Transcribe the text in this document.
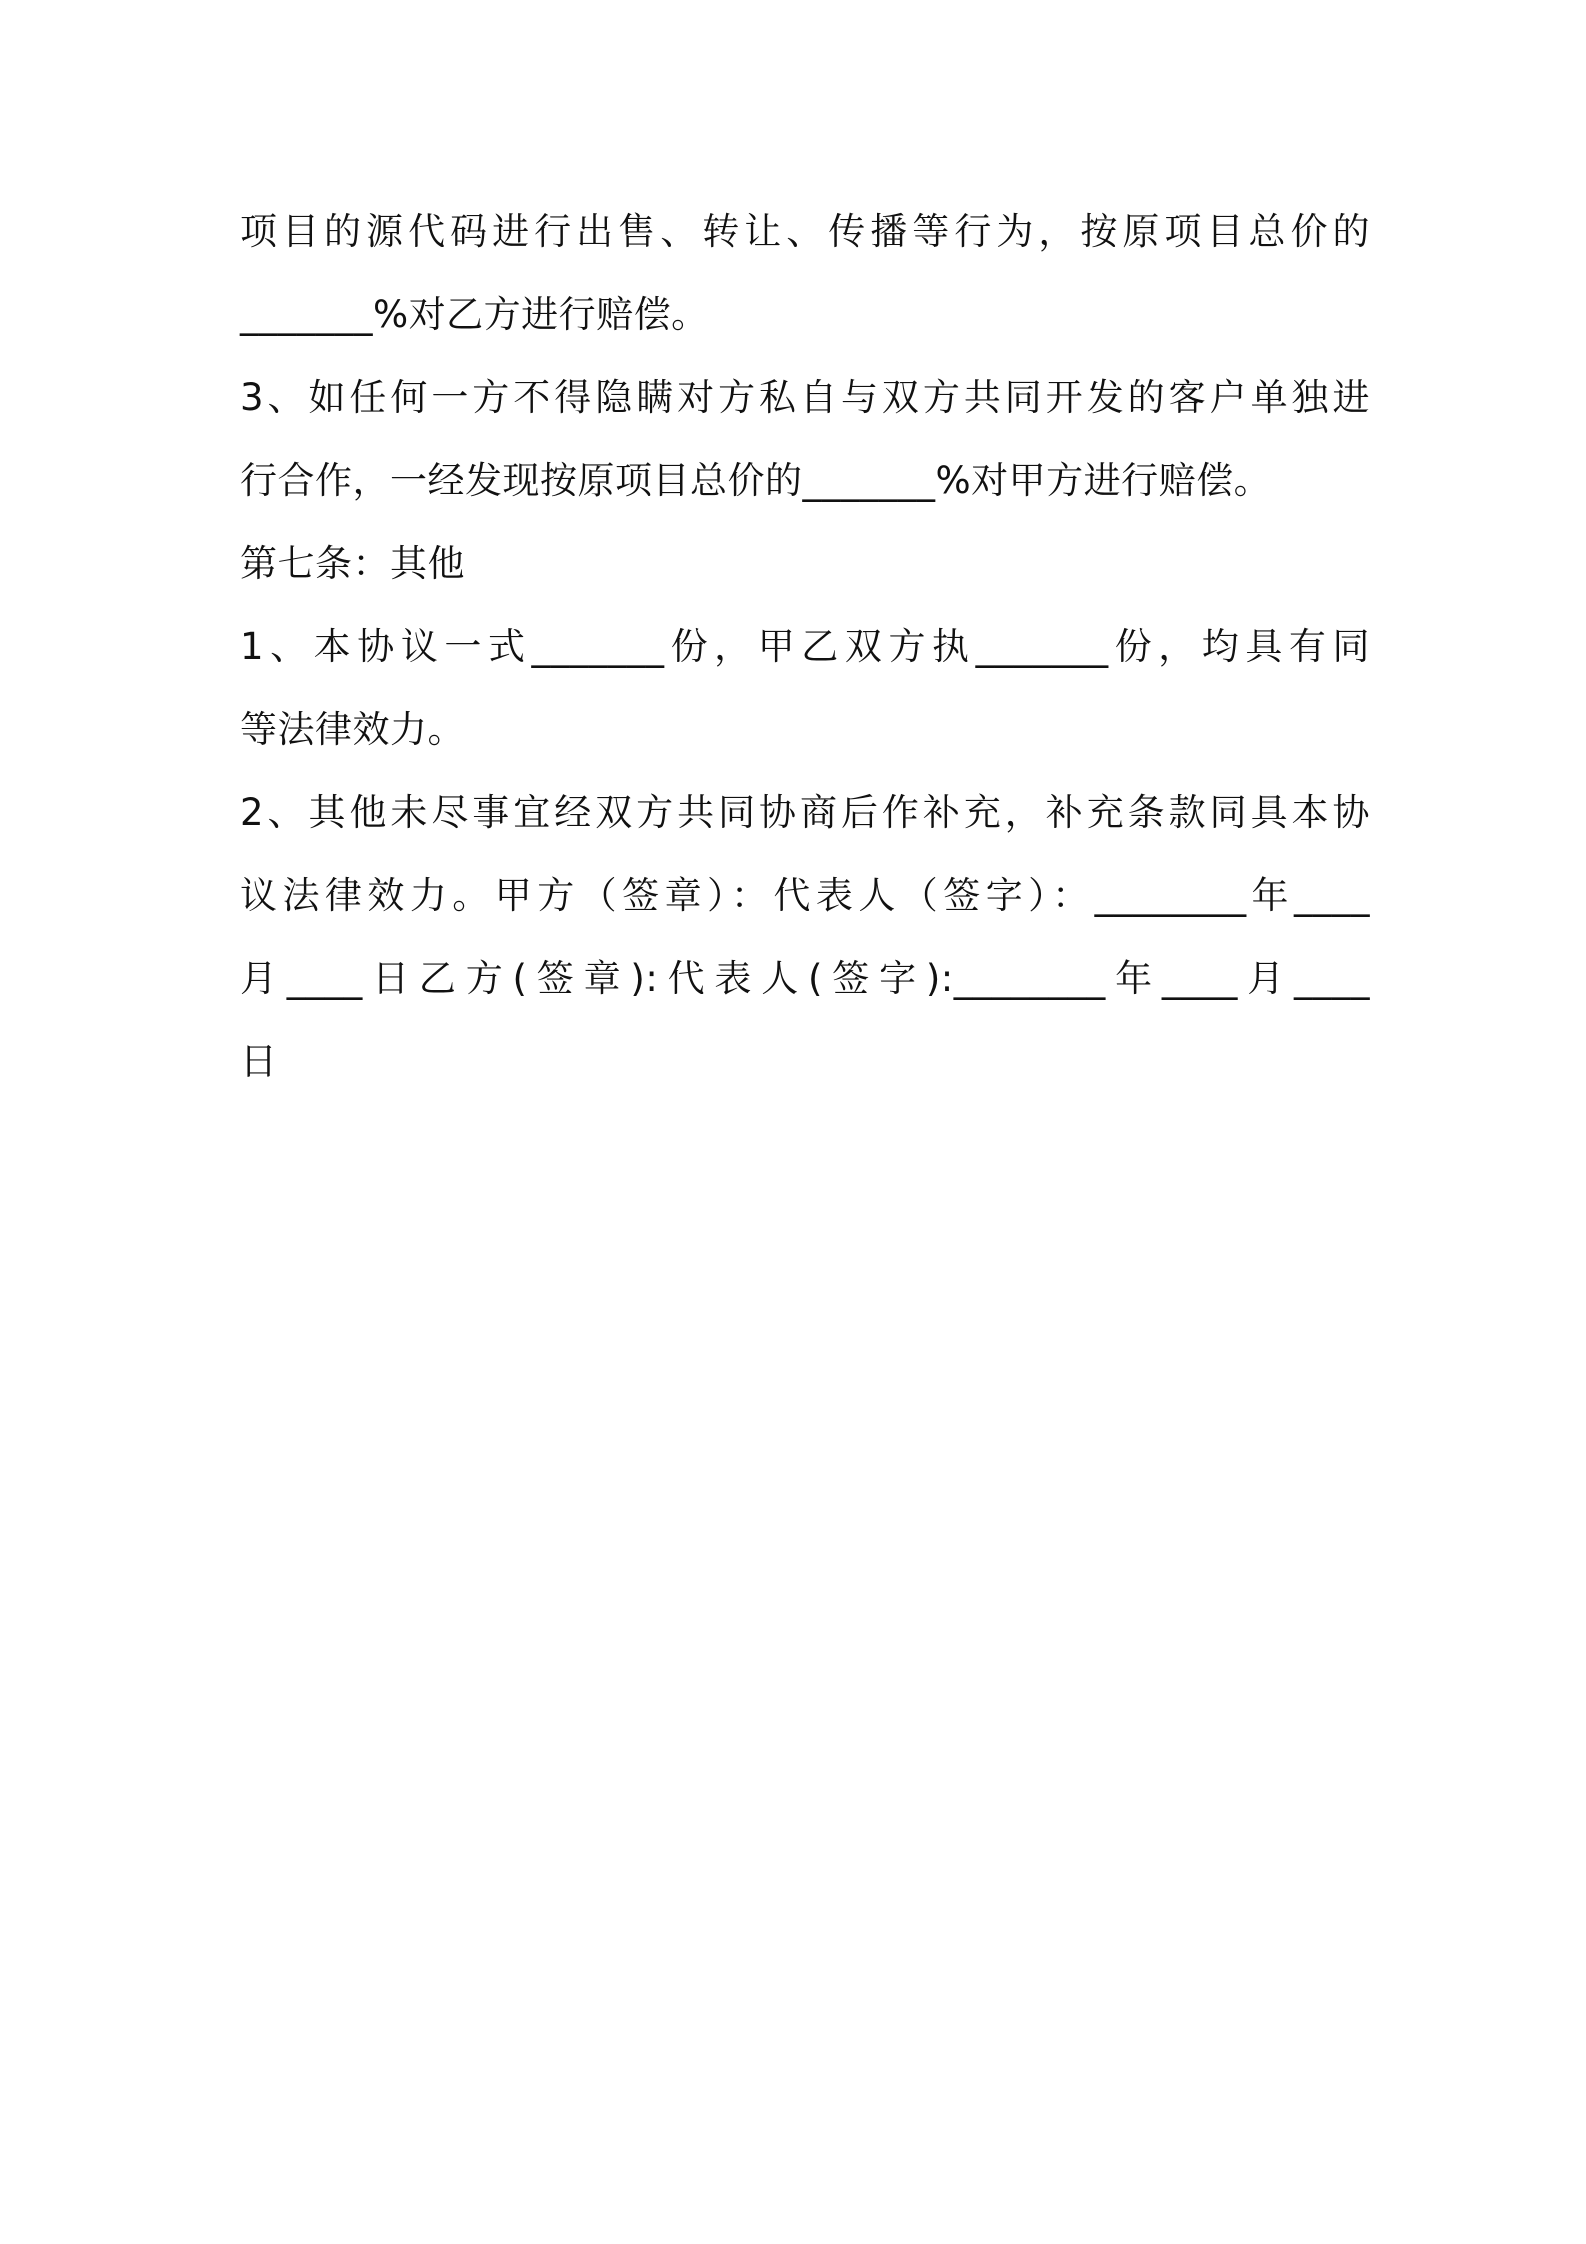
项目的源代码进行出售、转让、传播等行为，按原项目总价的
_______%对乙方进行赔偿。
3、如任何一方不得隐瞒对方私自与双方共同开发的客户单独进
行合作，一经发现按原项目总价的_______%对甲方进行赔偿。
第七条：其他
1、本协议一式_______份，甲乙双方执_______份，均具有同
等法律效力。
2、其他未尽事宜经双方共同协商后作补充，补充条款同具本协
议法律效力。甲方（签章）：代表人（签字）：________年____
月____日乙方(签章):代表人(签字):________年____月____
日
